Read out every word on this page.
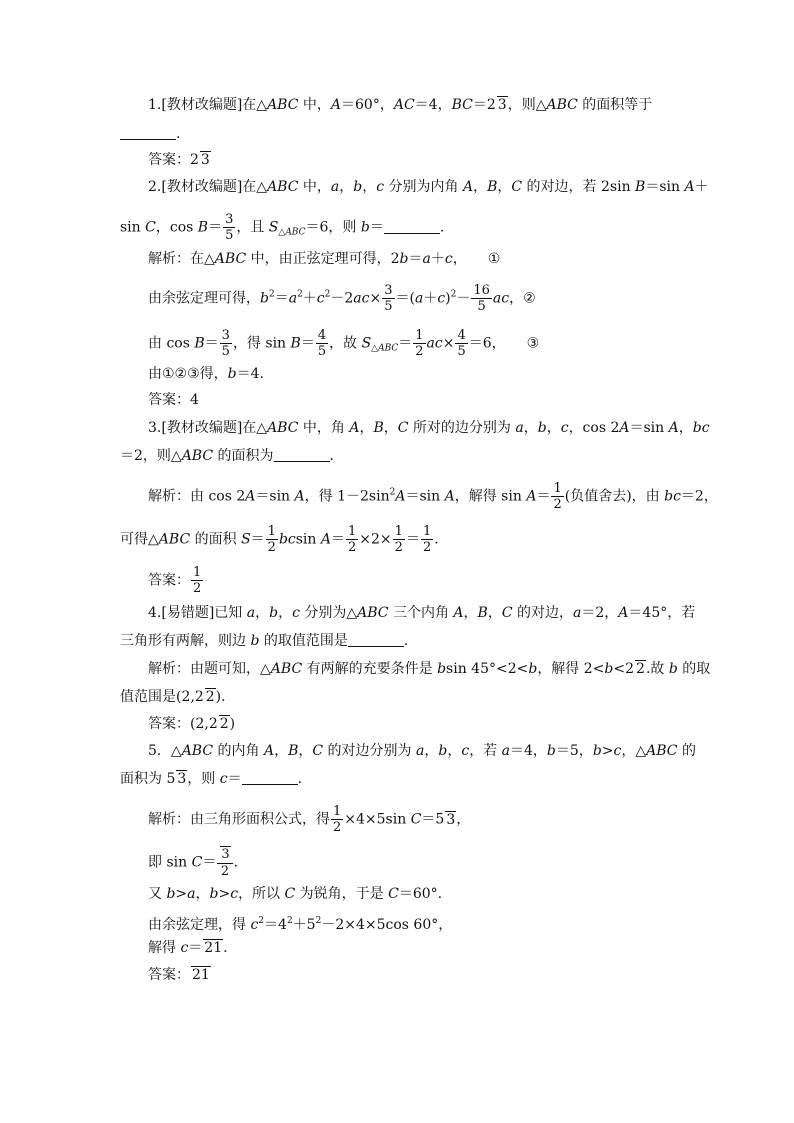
1.[教材改编题]在△ABC 中，A＝60°，AC＝4，BC＝2 3，则△ABC 的面积等于
.
答案：2 3
2.[教材改编题]在△ABC 中，a，b，c 分别为内角 A，B，C 的对边，若 2sin B＝sin A＋
sin C，$\cos B= \frac{3}{5}$ ，且 $S_{\triangle ABC}=6$，则 b＝	.
解析：在△ABC 中，由正弦定理可得，2b＝a＋c，　　①
由余弦定理可得，$b^2=a^2+c^2-2ac\times \frac{3}{5} =(a+c)^2- \frac{16}{5}$ ac，②
由 $\cos B= \frac{3}{5}$ ，得 $\sin B= \frac{4}{5}$ ，故 $S_{\triangle ABC}= \frac{1}{2} ac\times \frac{4}{5} =6$，　　③
由①②③得，b＝4.
答案：4
3.[教材改编题]在△ABC 中，角 A，B，C 所对的边分别为 a，b，c，cos 2A＝sin A，bc
＝2，则△ABC 的面积为	.
解析：由 cos 2A＝sin A，得 $1-2\sin^2A=\sin$ A，解得 $\sin A= \frac{1}{2}$ (负值舍去)，由 bc＝2，
可得△ABC 的面积 $S= \frac{1}{2}$ bcsin $A= \frac{1}{2} \times 2\times \frac{1}{2} = \frac{1}{2}$ .
答案： $\frac{1}{2}$
4.[易错题]已知 a，b，c 分别为△ABC 三个内角 A，B，C 的对边，a＝2，A＝45°，若
三角形有两解，则边 b 的取值范围是	.
解析：由题可知，△ABC 有两解的充要条件是 bsin 45°<2<b，解得 2<b<2 2.故 b 的取
值范围是(2,2 2).
答案：(2,2 2)
5．△ABC 的内角 A，B，C 的对边分别为 a，b，c，若 a＝4，b＝5，b>c，△ABC 的
面积为 5 3，则 c＝	.
解析：由三角形面积公式，得 $\frac{1}{2} \times 4\times 5\sin$ C＝5 3，
即 $\sin C= \frac{3}{2}$ .
又 b>a，b>c，所以 C 为锐角，于是 C＝60°.
由余弦定理，得 $c^2=4^2+5^2-2\times 4\times 5\cos$ 60°，
解得 c＝ 21.
答案： 21
